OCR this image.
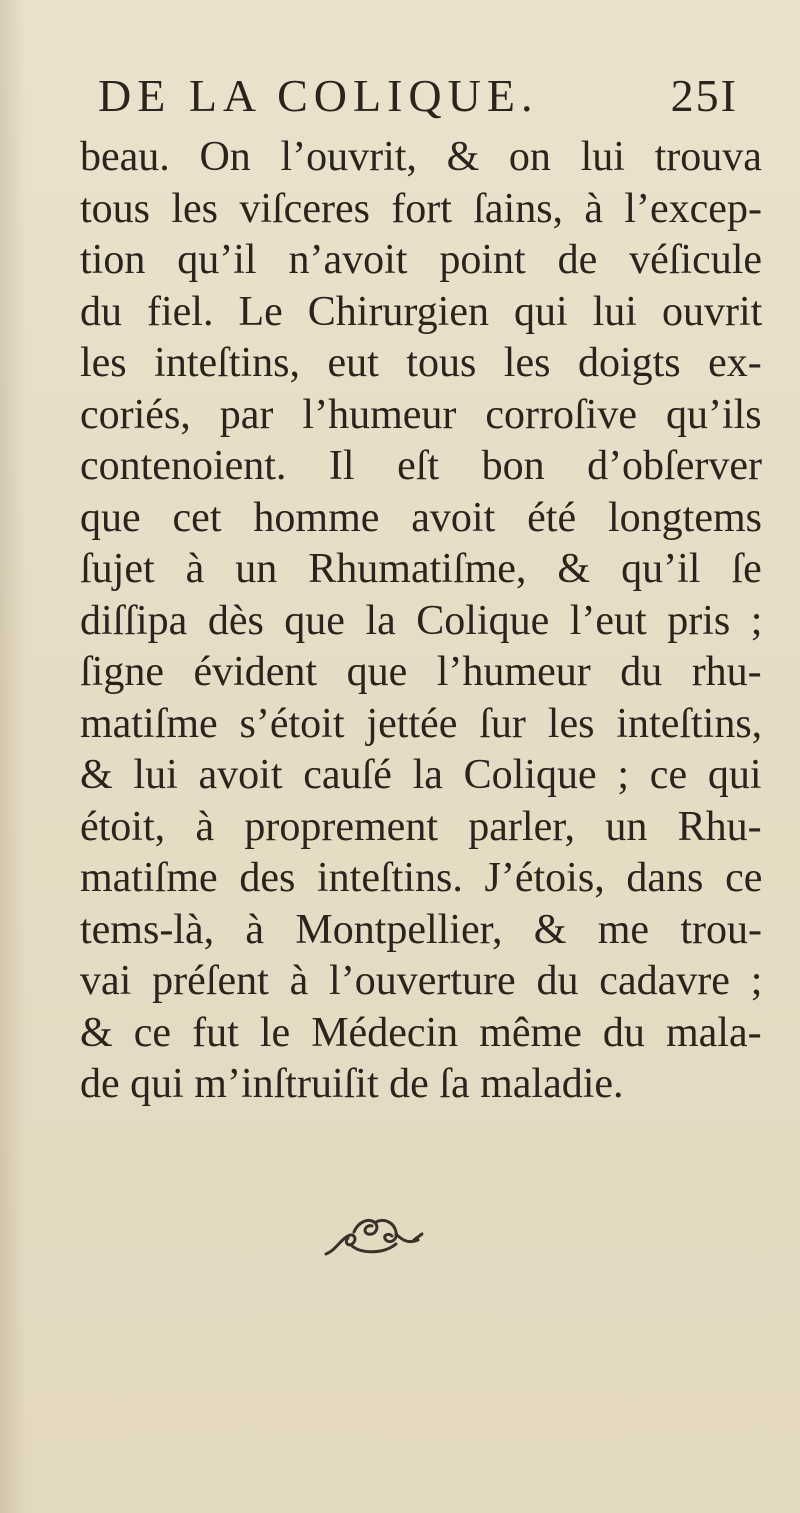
DE LA COLIQUE.	25I
beau. On l’ouvrit, & on lui trouva
tous les viſceres fort ſains, à l’excep-
tion qu’il n’avoit point de véſicule
du fiel. Le Chirurgien qui lui ouvrit
les inteſtins, eut tous les doigts ex-
coriés, par l’humeur corroſive qu’ils
contenoient. Il eſt bon d’obſerver
que cet homme avoit été longtems
ſujet à un Rhumatiſme, & qu’il ſe
diſſipa dès que la Colique l’eut pris ;
ſigne évident que l’humeur du rhu-
matiſme s’étoit jettée ſur les inteſtins,
& lui avoit cauſé la Colique ; ce qui
étoit, à proprement parler, un Rhu-
matiſme des inteſtins. J’étois, dans ce
tems-là, à Montpellier, & me trou-
vai préſent à l’ouverture du cadavre ;
& ce fut le Médecin même du mala-
de qui m’inſtruiſit de ſa maladie.
